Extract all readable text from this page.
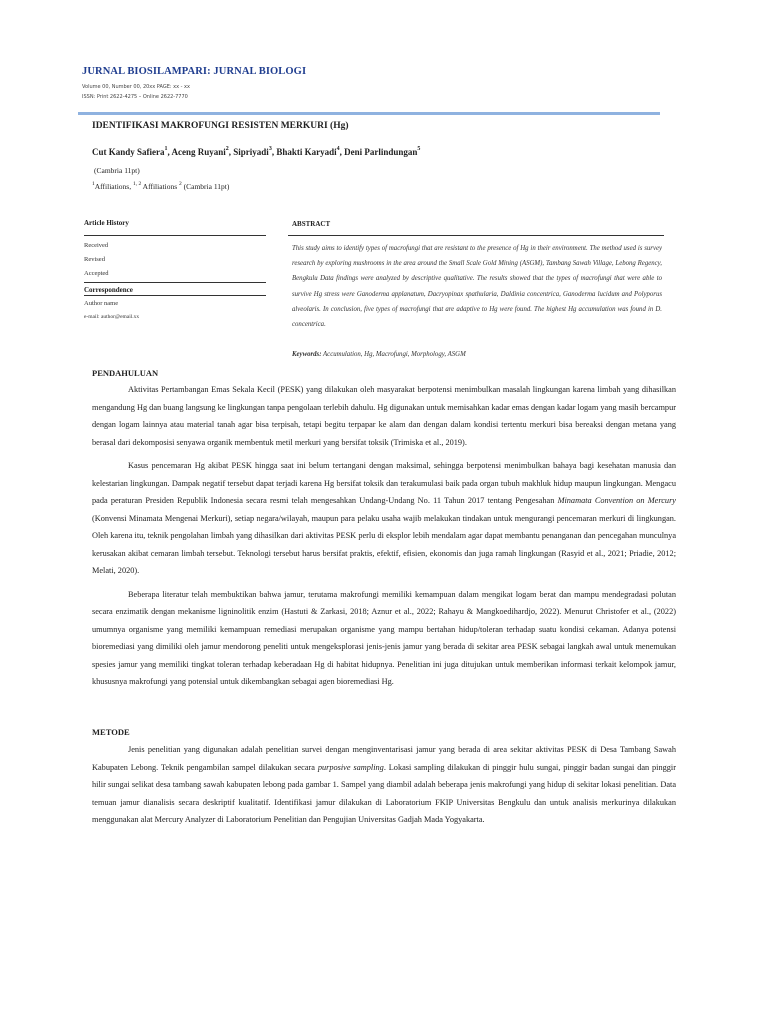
JURNAL BIOSILAMPARI: JURNAL BIOLOGI
Volume 00, Number 00, 20xx PAGE: xx - xx
ISSN: Print 2622-4275 – Online 2622-7770
IDENTIFIKASI MAKROFUNGI RESISTEN MERKURI (Hg)
Cut Kandy Safiera$^1$, Aceng Ruyani$^2$, Sipriyadi$^3$, Bhakti Karyadi$^4$, Deni Parlindungan$^5$
(Cambria 11pt)
$^1$Affiliations, $^{1, 2}$ Affiliations $^2$ (Cambria 11pt)
Article History
Received
Revised
Accepted
Correspondence
Author name
e-mail: author@email.xx
ABSTRACT
This study aims to identify types of macrofungi that are resistant to the presence of Hg in their environment. The method used is survey research by exploring mushrooms in the area around the Small Scale Gold Mining (ASGM), Tambang Sawah Village, Lebong Regency, Bengkulu Data findings were analyzed by descriptive qualitative. The results showed that the types of macrofungi that were able to survive Hg stress were Ganoderma applanatum, Dacryopinax spathularia, Daldinia concentrica, Ganoderma lucidum and Polyporus alveolaris. In conclusion, five types of macrofungi that are adaptive to Hg were found. The highest Hg accumulation was found in D. concentrica.
Keywords: Accumulation, Hg, Macrofungi, Morphology, ASGM
PENDAHULUAN

Aktivitas Pertambangan Emas Sekala Kecil (PESK) yang dilakukan oleh masyarakat berpotensi menimbulkan masalah lingkungan karena limbah yang dihasilkan mengandung Hg dan buang langsung ke lingkungan tanpa pengolaan terlebih dahulu. Hg digunakan untuk memisahkan kadar emas dengan kadar logam yang masih bercampur dengan logam lainnya atau material tanah agar bisa terpisah, tetapi begitu terpapar ke alam dan dengan dalam kondisi tertentu merkuri bisa bereaksi dengan metana yang berasal dari dekomposisi senyawa organik membentuk metil merkuri yang bersifat toksik (Trimiska et al., 2019).

Kasus pencemaran Hg akibat PESK hingga saat ini belum tertangani dengan maksimal, sehingga berpotensi menimbulkan bahaya bagi kesehatan manusia dan kelestarian lingkungan. Dampak negatif tersebut dapat terjadi karena Hg bersifat toksik dan terakumulasi baik pada organ tubuh makhluk hidup maupun lingkungan. Mengacu pada peraturan Presiden Republik Indonesia secara resmi telah mengesahkan Undang-Undang No. 11 Tahun 2017 tentang Pengesahan Minamata Convention on Mercury (Konvensi Minamata Mengenai Merkuri), setiap negara/wilayah, maupun para pelaku usaha wajib melakukan tindakan untuk mengurangi pencemaran merkuri di lingkungan. Oleh karena itu, teknik pengolahan limbah yang dihasilkan dari aktivitas PESK perlu di eksplor lebih mendalam agar dapat membantu penanganan dan pencegahan munculnya kerusakan akibat cemaran limbah tersebut. Teknologi tersebut harus bersifat praktis, efektif, efisien, ekonomis dan juga ramah lingkungan (Rasyid et al., 2021; Priadie, 2012; Melati, 2020).

Beberapa literatur telah membuktikan bahwa jamur, terutama makrofungi memiliki kemampuan dalam mengikat logam berat dan mampu mendegradasi polutan secara enzimatik dengan mekanisme ligninolitik enzim (Hastuti & Zarkasi, 2018; Aznur et al., 2022; Rahayu & Mangkoedihardjo, 2022). Menurut Christofer et al., (2022) umumnya organisme yang memiliki kemampuan remediasi merupakan organisme yang mampu bertahan hidup/toleran terhadap suatu kondisi cekaman. Adanya potensi bioremediasi yang dimiliki oleh jamur mendorong peneliti untuk mengeksplorasi jenis-jenis jamur yang berada di sekitar area PESK sebagai langkah awal untuk menemukan spesies jamur yang memiliki tingkat toleran terhadap keberadaan Hg di habitat hidupnya. Penelitian ini juga ditujukan untuk memberikan informasi terkait kelompok jamur, khususnya makrofungi yang potensial untuk dikembangkan sebagai agen bioremediasi Hg.

METODE

Jenis penelitian yang digunakan adalah penelitian survei dengan menginventarisasi jamur yang berada di area sekitar aktivitas PESK di Desa Tambang Sawah Kabupaten Lebong. Teknik pengambilan sampel dilakukan secara purposive sampling. Lokasi sampling dilakukan di pinggir hulu sungai, pinggir badan sungai dan pinggir hilir sungai selikat desa tambang sawah kabupaten lebong pada gambar 1. Sampel yang diambil adalah beberapa jenis makrofungi yang hidup di sekitar lokasi penelitian. Data temuan jamur dianalisis secara deskriptif kualitatif. Identifikasi jamur dilakukan di Laboratorium FKIP Universitas Bengkulu dan untuk analisis merkurinya dilakukan menggunakan alat Mercury Analyzer di Laboratorium Penelitian dan Pengujian Universitas Gadjah Mada Yogyakarta.
